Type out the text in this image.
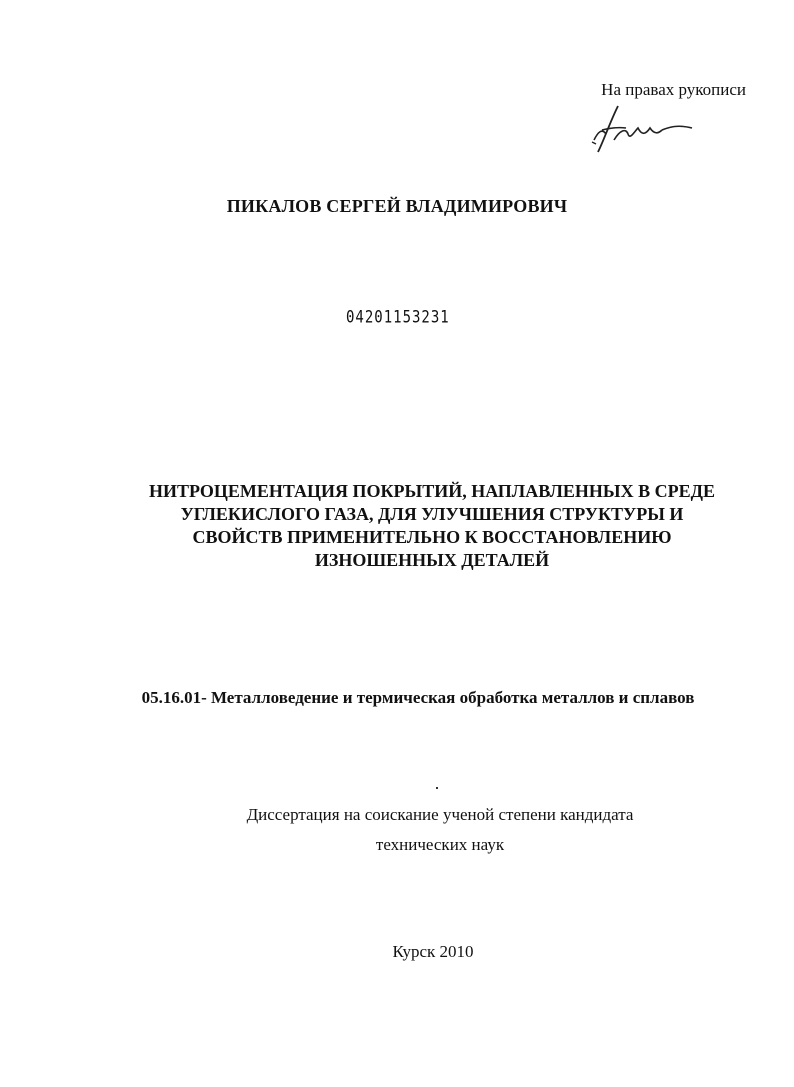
На правах рукописи
ПИКАЛОВ СЕРГЕЙ ВЛАДИМИРОВИЧ
04201153231
НИТРОЦЕМЕНТАЦИЯ ПОКРЫТИЙ, НАПЛАВЛЕННЫХ В СРЕДЕ
УГЛЕКИСЛОГО ГАЗА, ДЛЯ УЛУЧШЕНИЯ СТРУКТУРЫ И
СВОЙСТВ ПРИМЕНИТЕЛЬНО К ВОССТАНОВЛЕНИЮ
ИЗНОШЕННЫХ ДЕТАЛЕЙ
05.16.01- Металловедение и термическая обработка металлов и сплавов
Диссертация на соискание ученой степени кандидата
технических наук
Курск 2010
